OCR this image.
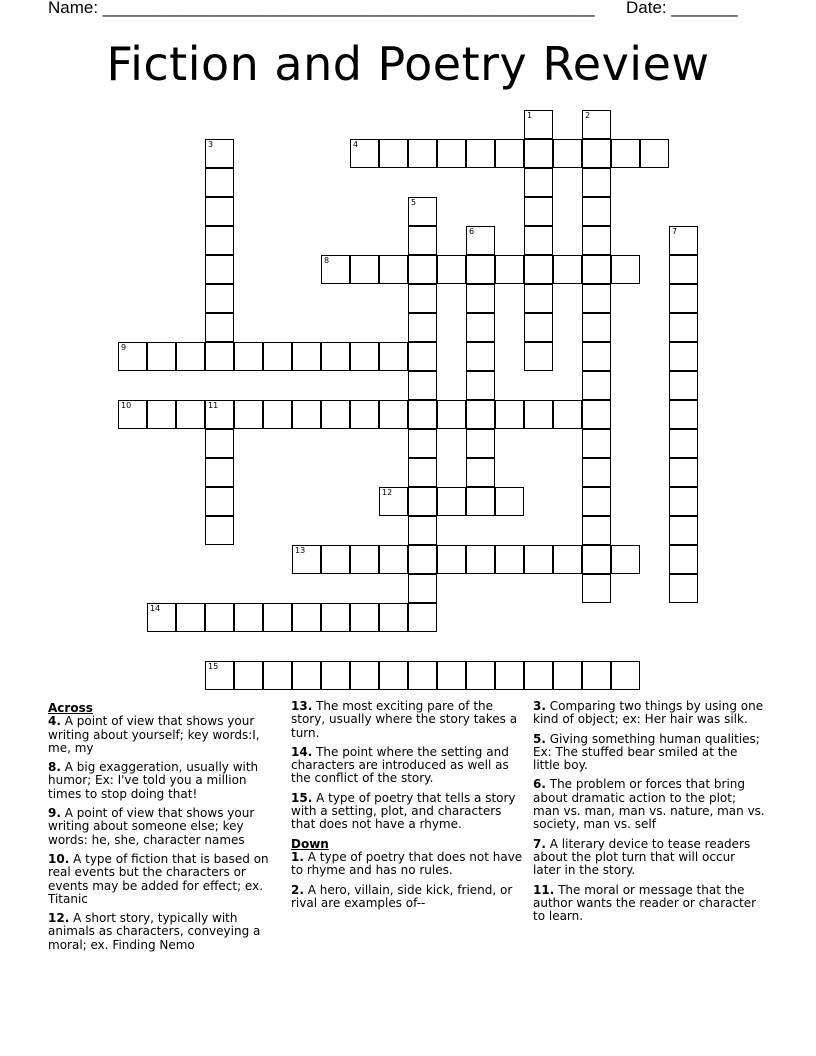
Name: ____________________________________________________ Date: _______
Fiction and Poetry Review
1	2
3	4
5
6	7
8
9
10	11
12
13
14
15
Across
4. A point of view that shows your writing about yourself; key words:I, me, my
8. A big exaggeration, usually with humor; Ex: I've told you a million times to stop doing that!
9. A point of view that shows your writing about someone else; key words: he, she, character names
10. A type of fiction that is based on real events but the characters or events may be added for effect; ex. Titanic
12. A short story, typically with animals as characters, conveying a moral; ex. Finding Nemo
13. The most exciting pare of the story, usually where the story takes a turn.
14. The point where the setting and characters are introduced as well as the conflict of the story.
15. A type of poetry that tells a story with a setting, plot, and characters that does not have a rhyme.
Down
1. A type of poetry that does not have to rhyme and has no rules.
2. A hero, villain, side kick, friend, or rival are examples of--
3. Comparing two things by using one kind of object; ex: Her hair was silk.
5. Giving something human qualities; Ex: The stuffed bear smiled at the little boy.
6. The problem or forces that bring about dramatic action to the plot; man vs. man, man vs. nature, man vs. society, man vs. self
7. A literary device to tease readers about the plot turn that will occur later in the story.
11. The moral or message that the author wants the reader or character to learn.
